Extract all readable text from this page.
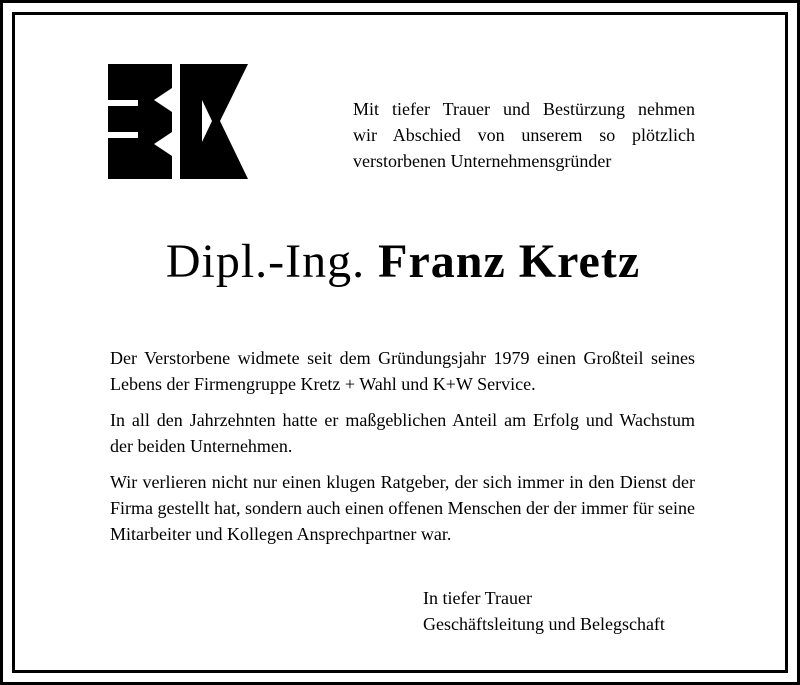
Mit tiefer Trauer und Bestürzung nehmen
wir Abschied von unserem so plötzlich
verstorbenen Unternehmensgründer
Dipl.-Ing. Franz Kretz

Der Verstorbene widmete seit dem Gründungsjahr 1979 einen Großteil seines Lebens der Firmengruppe Kretz + Wahl und K+W Service.

In all den Jahrzehnten hatte er maßgeblichen Anteil am Erfolg und Wachstum der beiden Unternehmen.

Wir verlieren nicht nur einen klugen Ratgeber, der sich immer in den Dienst der Firma gestellt hat, sondern auch einen offenen Menschen der der immer für seine Mitarbeiter und Kollegen Ansprechpartner war.

In tiefer Trauer
Geschäftsleitung und Belegschaft
